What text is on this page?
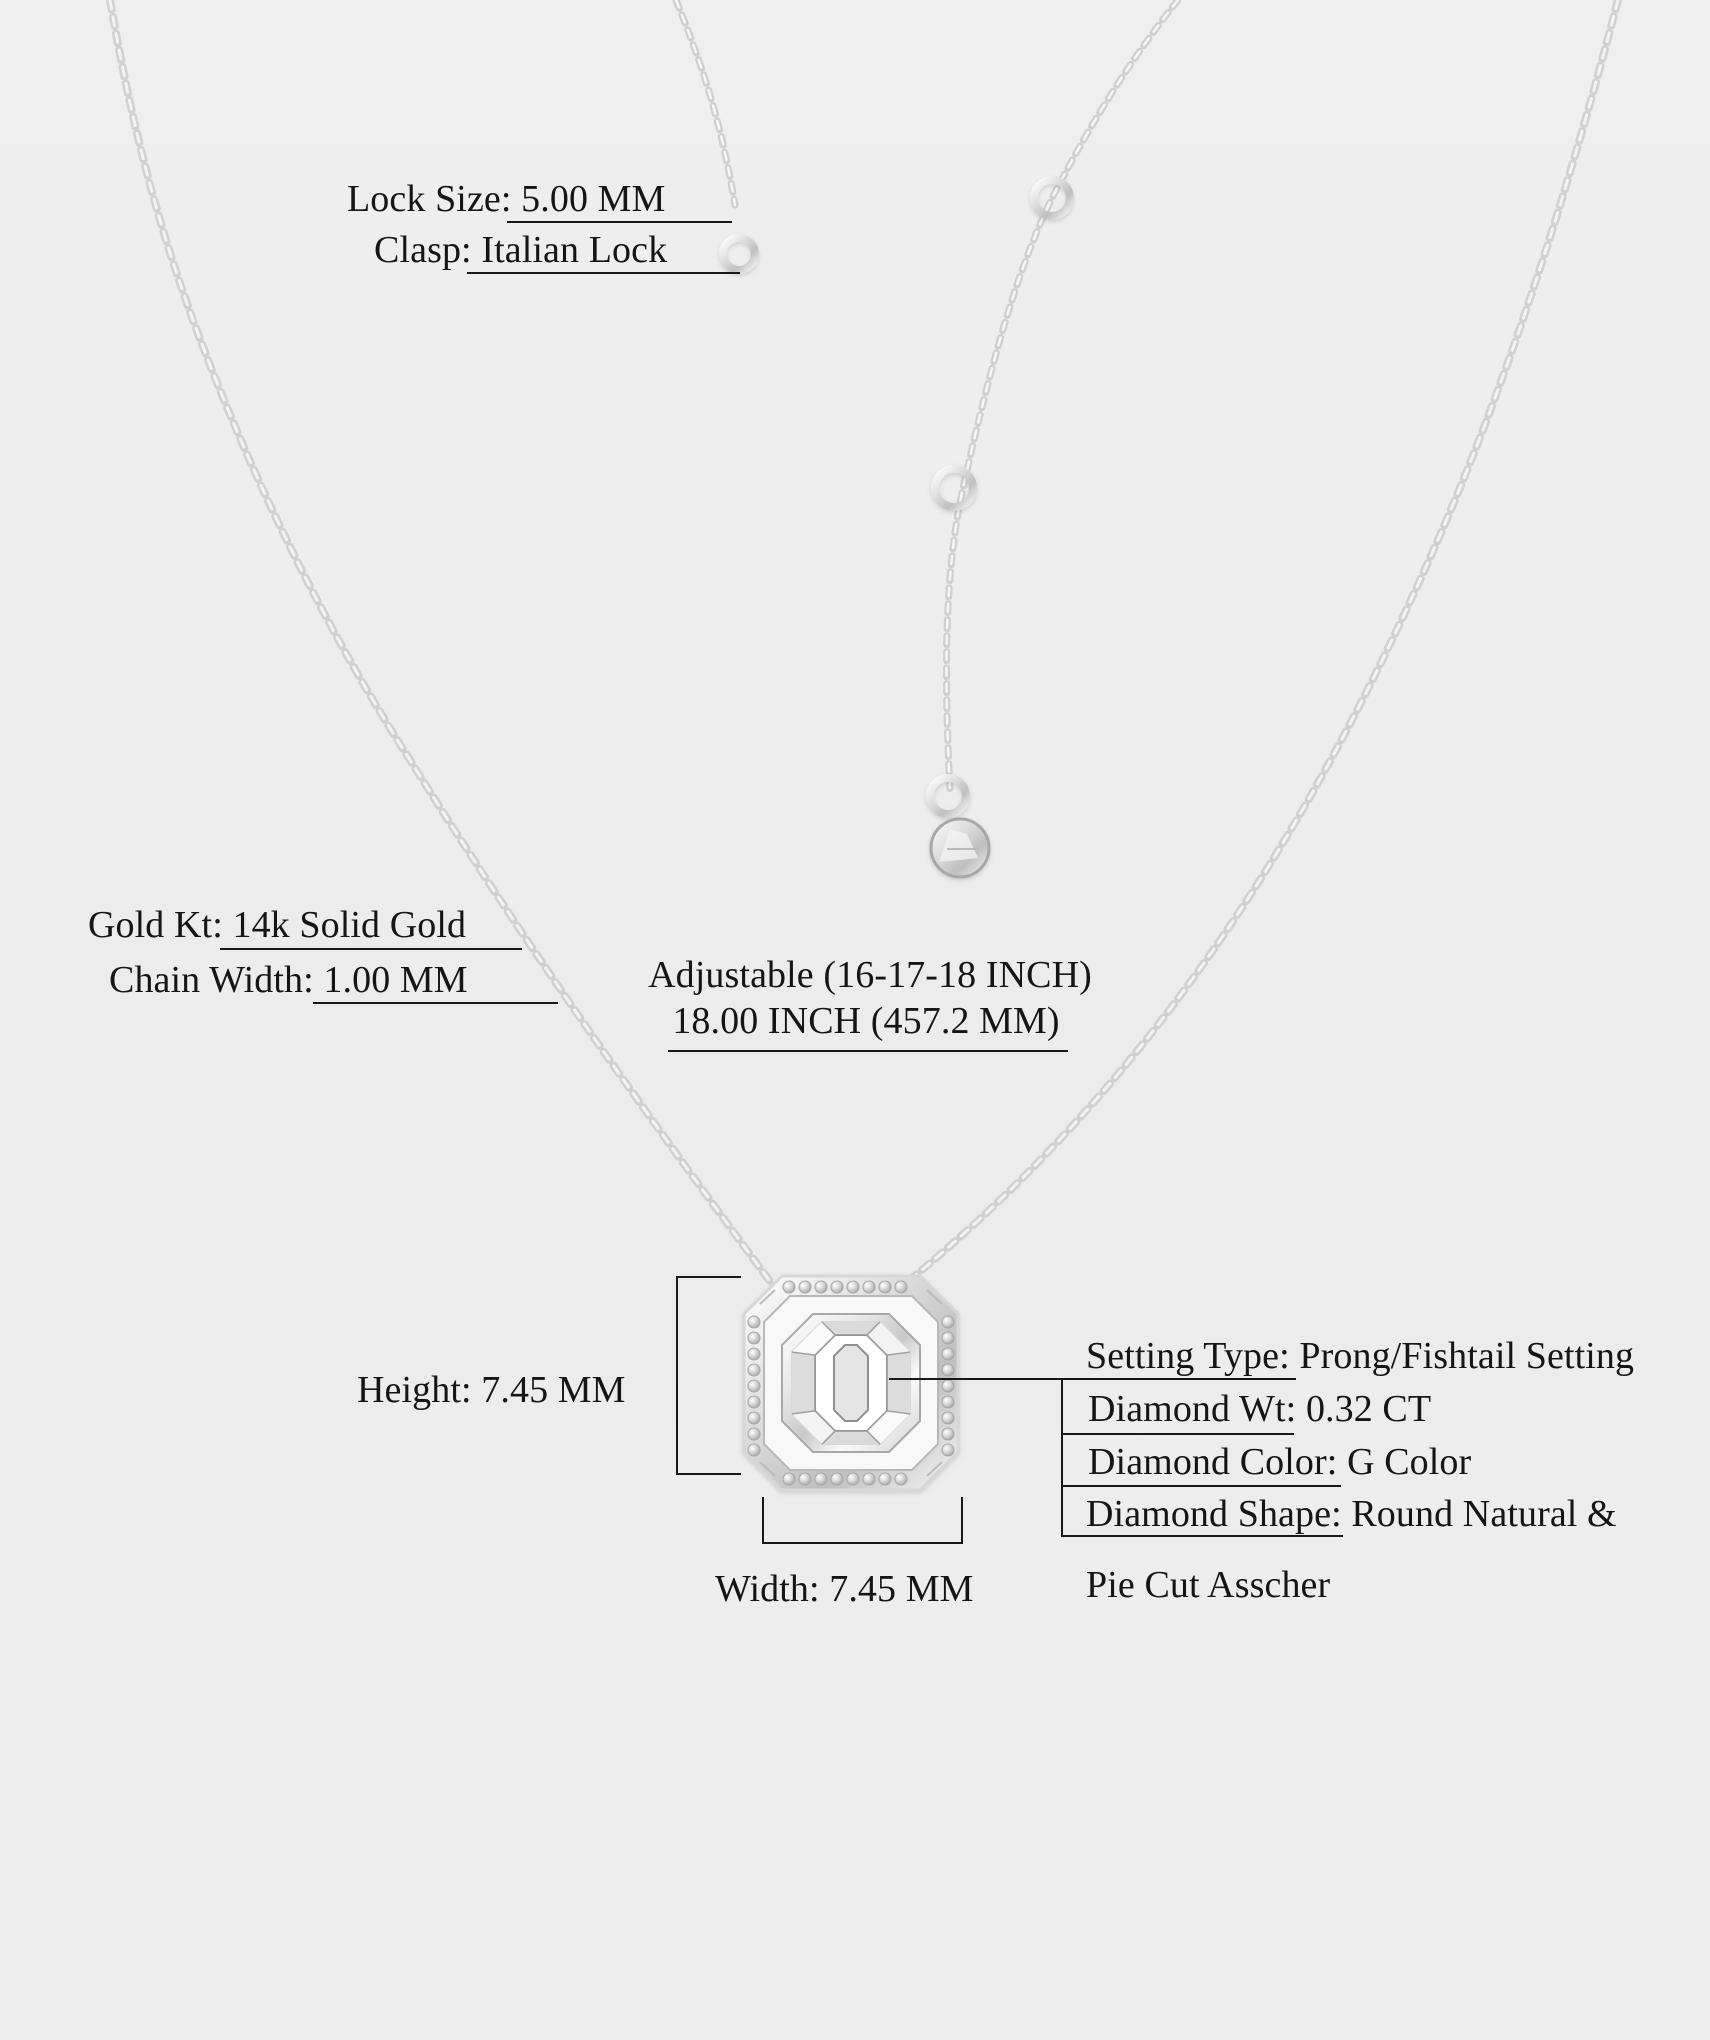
Lock Size: 5.00 MM
Clasp: Italian Lock
Gold Kt: 14k Solid Gold
Chain Width: 1.00 MM	Adjustable (16-17-18 INCH)
18.00 INCH (457.2 MM)
Height: 7.45 MM
Width: 7.45 MM
Setting Type: Prong/Fishtail Setting
Diamond Wt: 0.32 CT
Diamond Color: G Color
Diamond Shape: Round Natural &
Pie Cut Asscher
